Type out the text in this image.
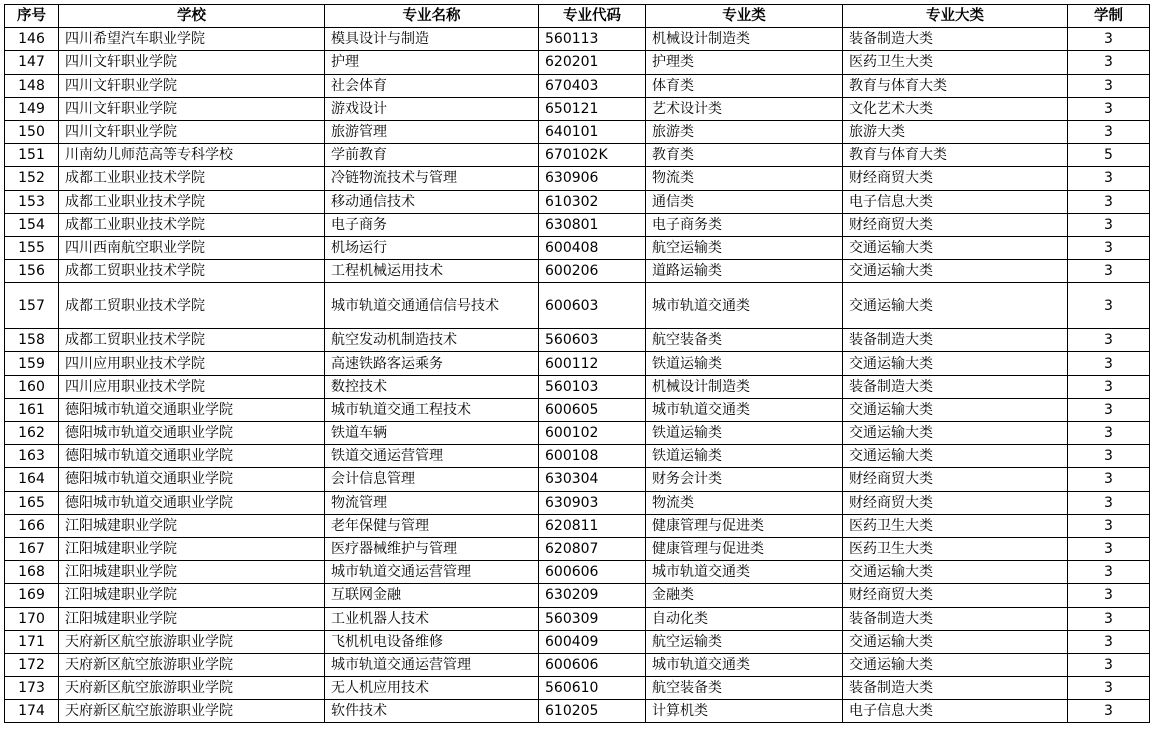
序号	学校	专业名称	专业代码	专业类	专业大类	学制
146	四川希望汽车职业学院	模具设计与制造	560113	机械设计制造类	装备制造大类	3
147	四川文轩职业学院	护理	620201	护理类	医药卫生大类	3
148	四川文轩职业学院	社会体育	670403	体育类	教育与体育大类	3
149	四川文轩职业学院	游戏设计	650121	艺术设计类	文化艺术大类	3
150	四川文轩职业学院	旅游管理	640101	旅游类	旅游大类	3
151	川南幼儿师范高等专科学校	学前教育	670102K	教育类	教育与体育大类	5
152	成都工业职业技术学院	冷链物流技术与管理	630906	物流类	财经商贸大类	3
153	成都工业职业技术学院	移动通信技术	610302	通信类	电子信息大类	3
154	成都工业职业技术学院	电子商务	630801	电子商务类	财经商贸大类	3
155	四川西南航空职业学院	机场运行	600408	航空运输类	交通运输大类	3
156	成都工贸职业技术学院	工程机械运用技术	600206	道路运输类	交通运输大类	3
157	成都工贸职业技术学院	城市轨道交通通信信号技术	600603	城市轨道交通类	交通运输大类	3
158	成都工贸职业技术学院	航空发动机制造技术	560603	航空装备类	装备制造大类	3
159	四川应用职业技术学院	高速铁路客运乘务	600112	铁道运输类	交通运输大类	3
160	四川应用职业技术学院	数控技术	560103	机械设计制造类	装备制造大类	3
161	德阳城市轨道交通职业学院	城市轨道交通工程技术	600605	城市轨道交通类	交通运输大类	3
162	德阳城市轨道交通职业学院	铁道车辆	600102	铁道运输类	交通运输大类	3
163	德阳城市轨道交通职业学院	铁道交通运营管理	600108	铁道运输类	交通运输大类	3
164	德阳城市轨道交通职业学院	会计信息管理	630304	财务会计类	财经商贸大类	3
165	德阳城市轨道交通职业学院	物流管理	630903	物流类	财经商贸大类	3
166	江阳城建职业学院	老年保健与管理	620811	健康管理与促进类	医药卫生大类	3
167	江阳城建职业学院	医疗器械维护与管理	620807	健康管理与促进类	医药卫生大类	3
168	江阳城建职业学院	城市轨道交通运营管理	600606	城市轨道交通类	交通运输大类	3
169	江阳城建职业学院	互联网金融	630209	金融类	财经商贸大类	3
170	江阳城建职业学院	工业机器人技术	560309	自动化类	装备制造大类	3
171	天府新区航空旅游职业学院	飞机机电设备维修	600409	航空运输类	交通运输大类	3
172	天府新区航空旅游职业学院	城市轨道交通运营管理	600606	城市轨道交通类	交通运输大类	3
173	天府新区航空旅游职业学院	无人机应用技术	560610	航空装备类	装备制造大类	3
174	天府新区航空旅游职业学院	软件技术	610205	计算机类	电子信息大类	3
